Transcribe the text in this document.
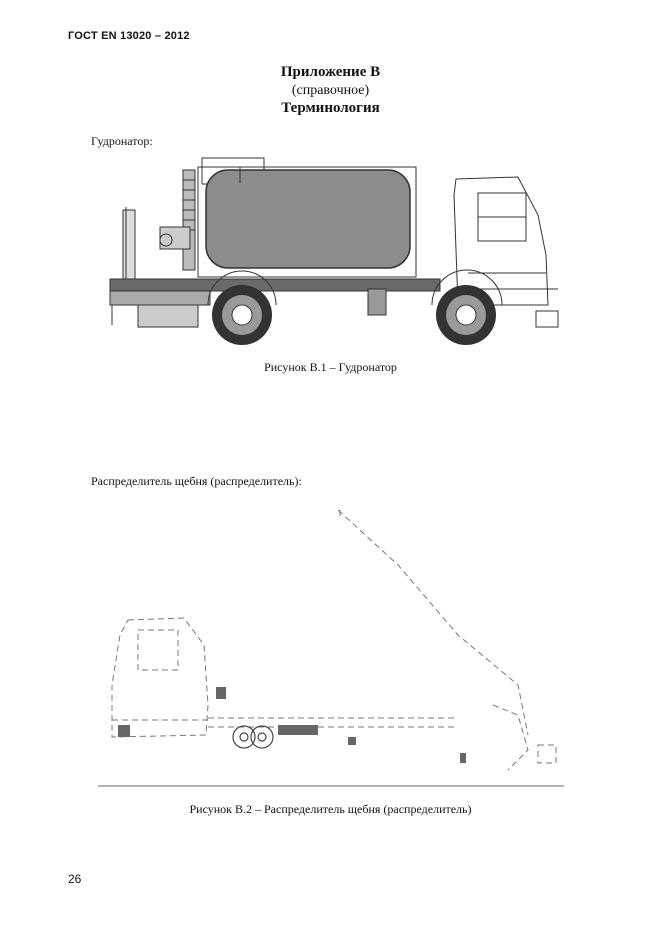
ГОСТ EN 13020 – 2012
Приложение В
(справочное)
Терминология
Гудронатор:
Рисунок В.1 – Гудронатор
Распределитель щебня (распределитель):
Рисунок В.2 – Распределитель щебня (распределитель)
26
